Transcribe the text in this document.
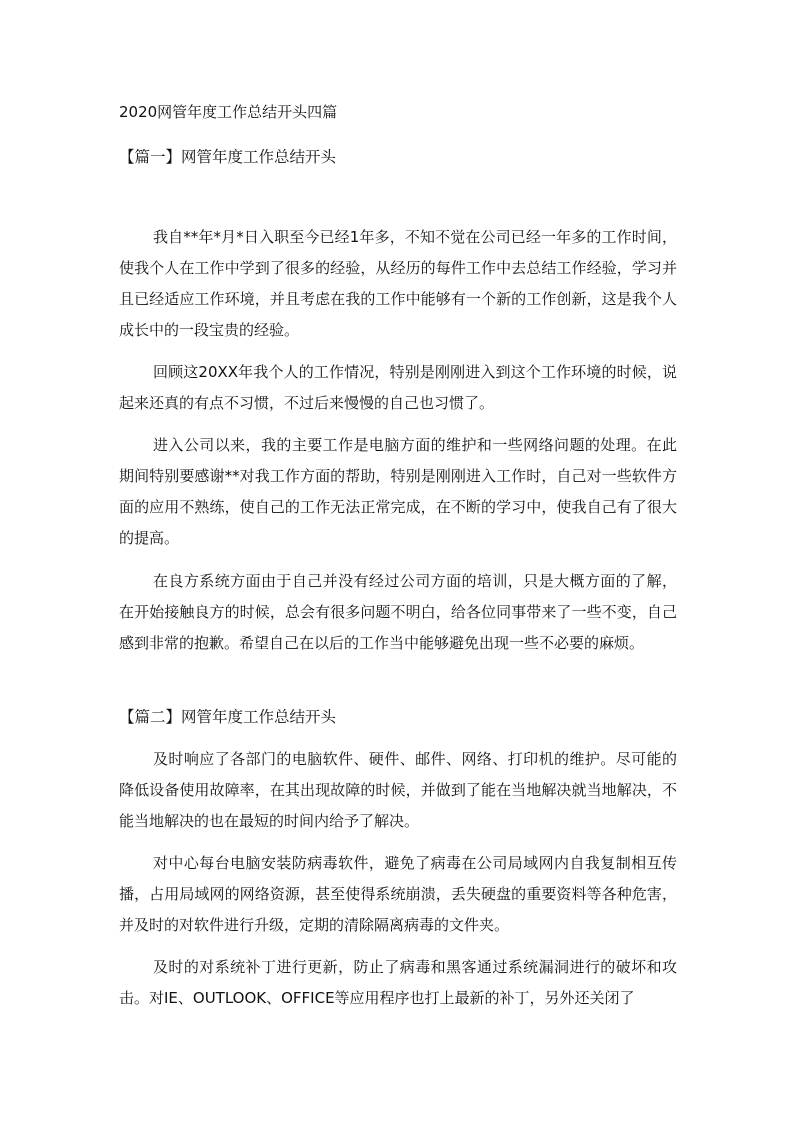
2020网管年度工作总结开头四篇
【篇一】网管年度工作总结开头

我自**年*月*日入职至今已经1年多，不知不觉在公司已经一年多的工作时间，使我个人在工作中学到了很多的经验，从经历的每件工作中去总结工作经验，学习并且已经适应工作环境，并且考虑在我的工作中能够有一个新的工作创新，这是我个人成长中的一段宝贵的经验。

回顾这20XX年我个人的工作情况，特别是刚刚进入到这个工作环境的时候，说起来还真的有点不习惯，不过后来慢慢的自己也习惯了。

进入公司以来，我的主要工作是电脑方面的维护和一些网络问题的处理。在此期间特别要感谢**对我工作方面的帮助，特别是刚刚进入工作时，自己对一些软件方面的应用不熟练，使自己的工作无法正常完成，在不断的学习中，使我自己有了很大的提高。

在良方系统方面由于自己并没有经过公司方面的培训，只是大概方面的了解，在开始接触良方的时候，总会有很多问题不明白，给各位同事带来了一些不变，自己感到非常的抱歉。希望自己在以后的工作当中能够避免出现一些不必要的麻烦。

【篇二】网管年度工作总结开头

及时响应了各部门的电脑软件、硬件、邮件、网络、打印机的维护。尽可能的降低设备使用故障率，在其出现故障的时候，并做到了能在当地解决就当地解决，不能当地解决的也在最短的时间内给予了解决。

对中心每台电脑安装防病毒软件，避免了病毒在公司局域网内自我复制相互传播，占用局域网的网络资源，甚至使得系统崩溃，丢失硬盘的重要资料等各种危害，并及时的对软件进行升级，定期的清除隔离病毒的文件夹。

及时的对系统补丁进行更新，防止了病毒和黑客通过系统漏洞进行的破坏和攻击。对IE、OUTLOOK、OFFICE等应用程序也打上最新的补丁，另外还关闭了
